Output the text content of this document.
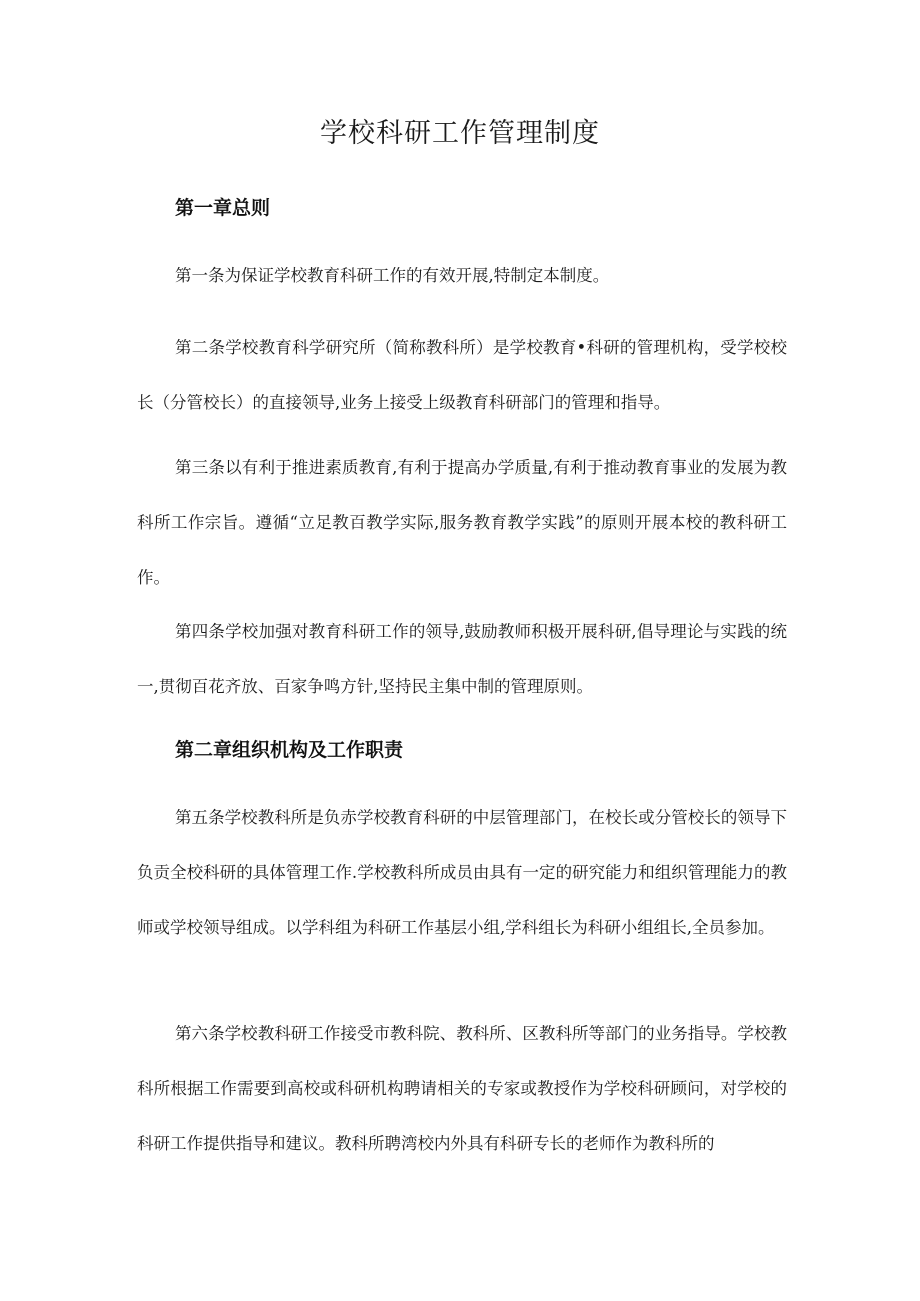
学校科研工作管理制度
第一章总则

第一条为保证学校教育科研工作的有效开展,特制定本制度。

第二条学校教育科学研究所（简称教科所）是学校教育•科研的管理机构，受学校校长（分管校长）的直接领导,业务上接受上级教育科研部门的管理和指导。

第三条以有利于推进素质教育,有利于提高办学质量,有利于推动教育事业的发展为教科所工作宗旨。遵循“立足教百教学实际,服务教育教学实践”的原则开展本校的教科研工作。

第四条学校加强对教育科研工作的领导,鼓励教师积极开展科研,倡导理论与实践的统一,贯彻百花齐放、百家争鸣方针,坚持民主集中制的管理原则。

第二章组织机构及工作职责

第五条学校教科所是负赤学校教育科研的中层管理部门，在校长或分管校长的领导下负贡全校科研的具体管理工作.学校教科所成员由具有一定的研究能力和组织管理能力的教师或学校领导组成。以学科组为科研工作基层小组,学科组长为科研小组组长,全员参加。

第六条学校教科研工作接受市教科院、教科所、区教科所等部门的业务指导。学校教科所根据工作需要到高校或科研机构聘请相关的专家或教授作为学校科研顾问，对学校的科研工作提供指导和建议。教科所聘湾校内外具有科研专长的老师作为教科所的
